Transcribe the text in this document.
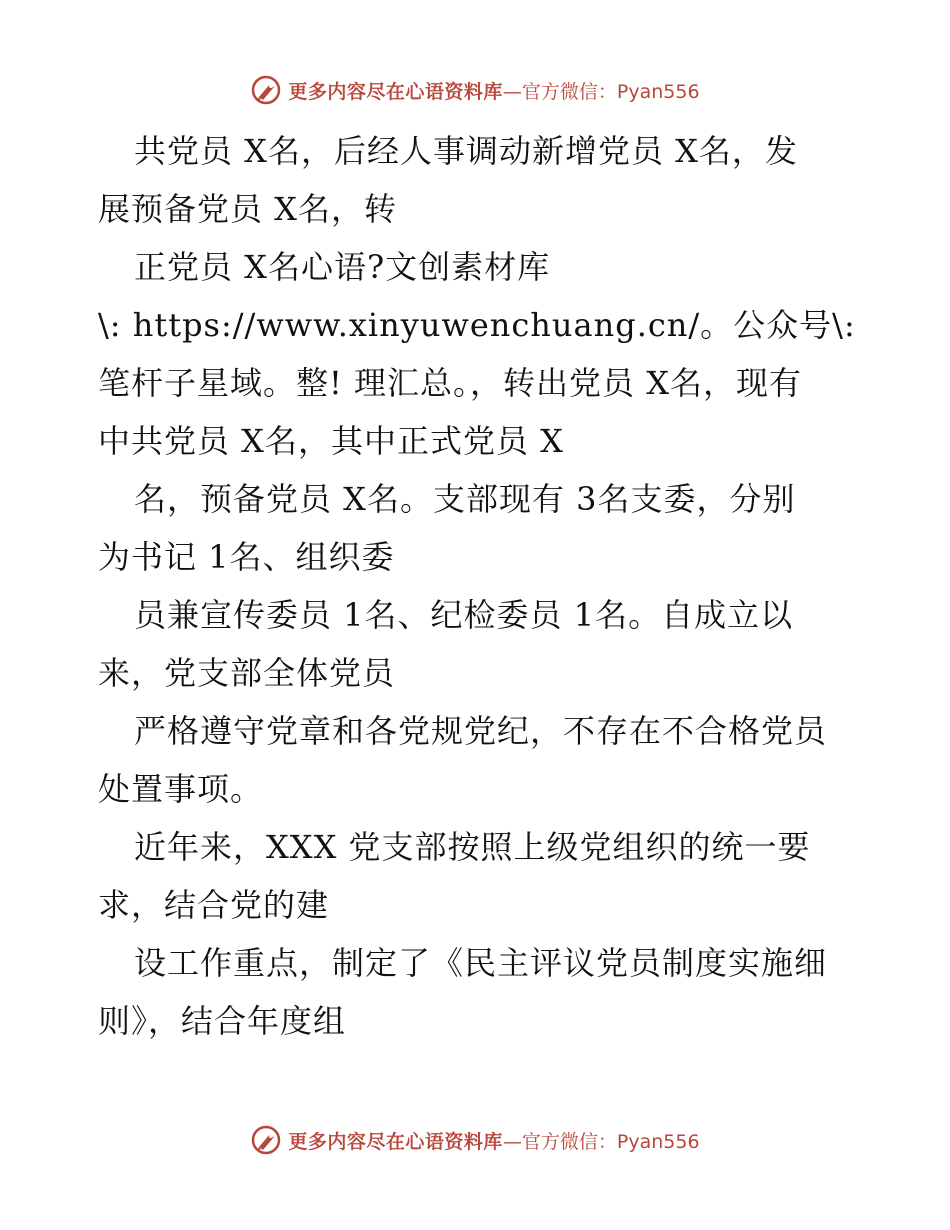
更多内容尽在心语资料库 —官方微信：Pyan556
共党员 X名，后经人事调动新增党员 X名，发
展预备党员 X名，转
正党员 X名心语?文创素材库
\: https://www.xinyuwenchuang.cn/。公众号\:
笔杆子星域。整! 理汇总。，转出党员 X名，现有
中共党员 X名，其中正式党员 X
名，预备党员 X名。支部现有 3名支委，分别
为书记 1名、组织委
员兼宣传委员 1名、纪检委员 1名。自成立以
来，党支部全体党员
严格遵守党章和各党规党纪，不存在不合格党员
处置事项。
近年来，XXX 党支部按照上级党组织的统一要
求，结合党的建
设工作重点，制定了《民主评议党员制度实施细
则》，结合年度组
更多内容尽在心语资料库 —官方微信：Pyan556
